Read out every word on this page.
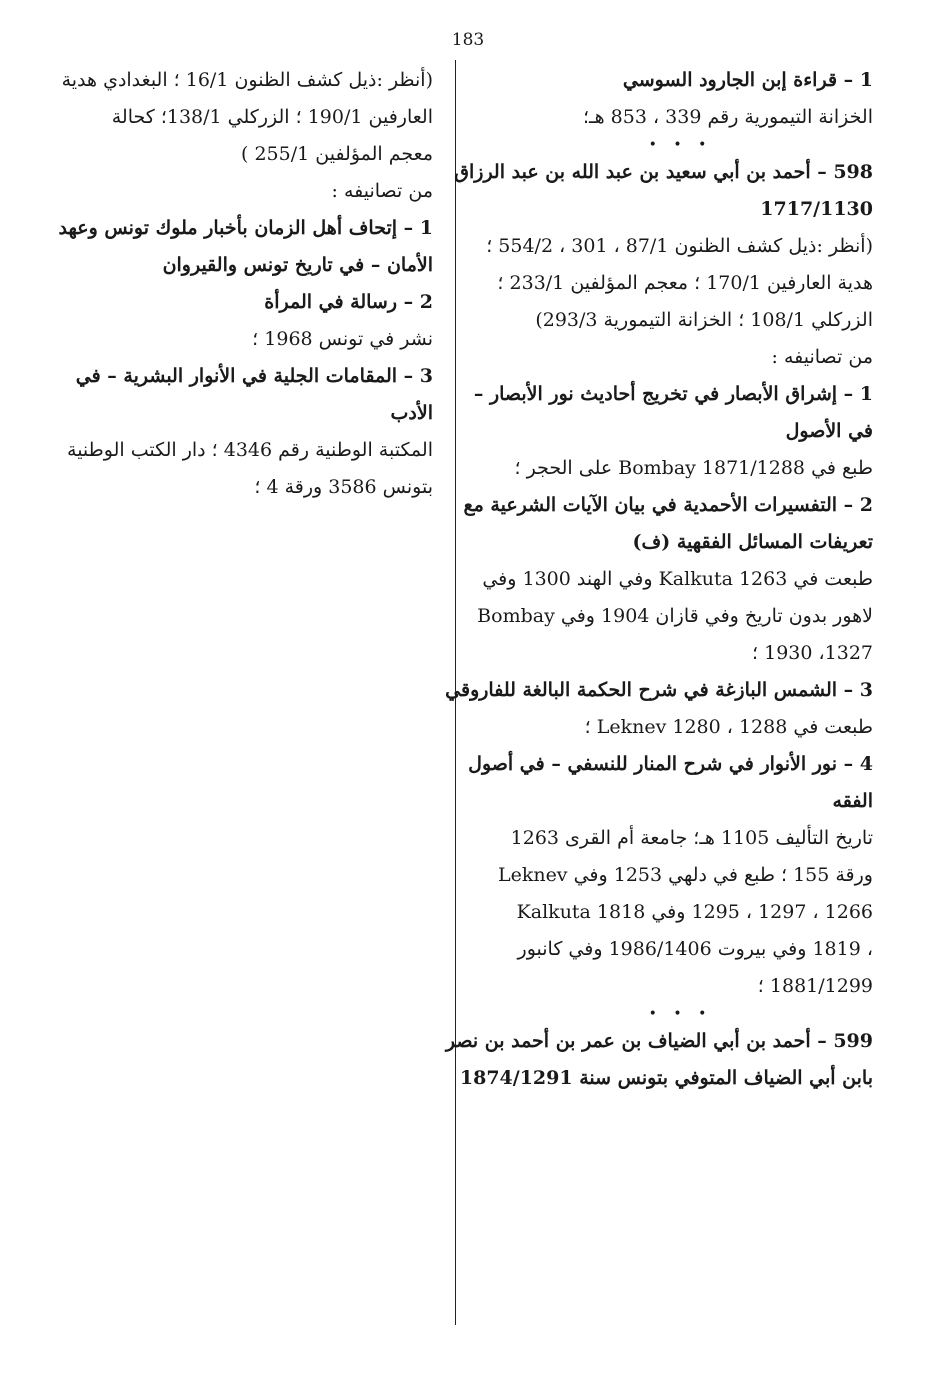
183
1 – قراءة إبن الجارود السوسي
الخزانة التيمورية رقم 339 ، 853 هـ؛
• • •
598 – أحمد بن أبي سعيد بن عبد الله بن عبد الرزاق
1717/1130
(أنظر :ذيل كشف الظنون 87/1 ، 301 ، 554/2 ؛
هدية العارفين 170/1 ؛ معجم المؤلفين 233/1 ؛
الزركلي 108/1 ؛ الخزانة التيمورية 293/3)
من تصانيفه :
1 – إشراق الأبصار في تخريج أحاديث نور الأبصار –
في الأصول
طبع في Bombay 1871/1288 على الحجر ؛
2 – التفسيرات الأحمدية في بيان الآيات الشرعية مع
تعريفات المسائل الفقهية (ف)
طبعت في Kalkuta 1263 وفي الهند 1300 وفي
لاهور بدون تاريخ وفي قازان 1904 وفي Bombay
1327، 1930 ؛
3 – الشمس البازغة في شرح الحكمة البالغة للفاروقي
طبعت في Leknev 1280 ، 1288 ؛
4 – نور الأنوار في شرح المنار للنسفي – في أصول
الفقه
تاريخ التأليف 1105 هـ؛ جامعة أم القرى 1263
ورقة 155 ؛ طبع في دلهي 1253 وفي Leknev
1266 ، 1297 ، 1295 وفي Kalkuta 1818
، 1819 وفي بيروت 1986/1406 وفي كانبور
1881/1299 ؛
• • •
599 – أحمد بن أبي الضياف بن عمر بن أحمد بن نصر
بابن أبي الضياف المتوفي بتونس سنة 1874/1291
(أنظر :ذيل كشف الظنون 16/1 ؛ البغدادي هدية
العارفين 190/1 ؛ الزركلي 138/1؛ كحالة
معجم المؤلفين 255/1 )
من تصانيفه :
1 – إتحاف أهل الزمان بأخبار ملوك تونس وعهد
الأمان – في تاريخ تونس والقيروان
2 – رسالة في المرأة
نشر في تونس 1968 ؛
3 – المقامات الجلية في الأنوار البشرية – في
الأدب
المكتبة الوطنية رقم 4346 ؛ دار الكتب الوطنية
بتونس 3586 ورقة 4 ؛
